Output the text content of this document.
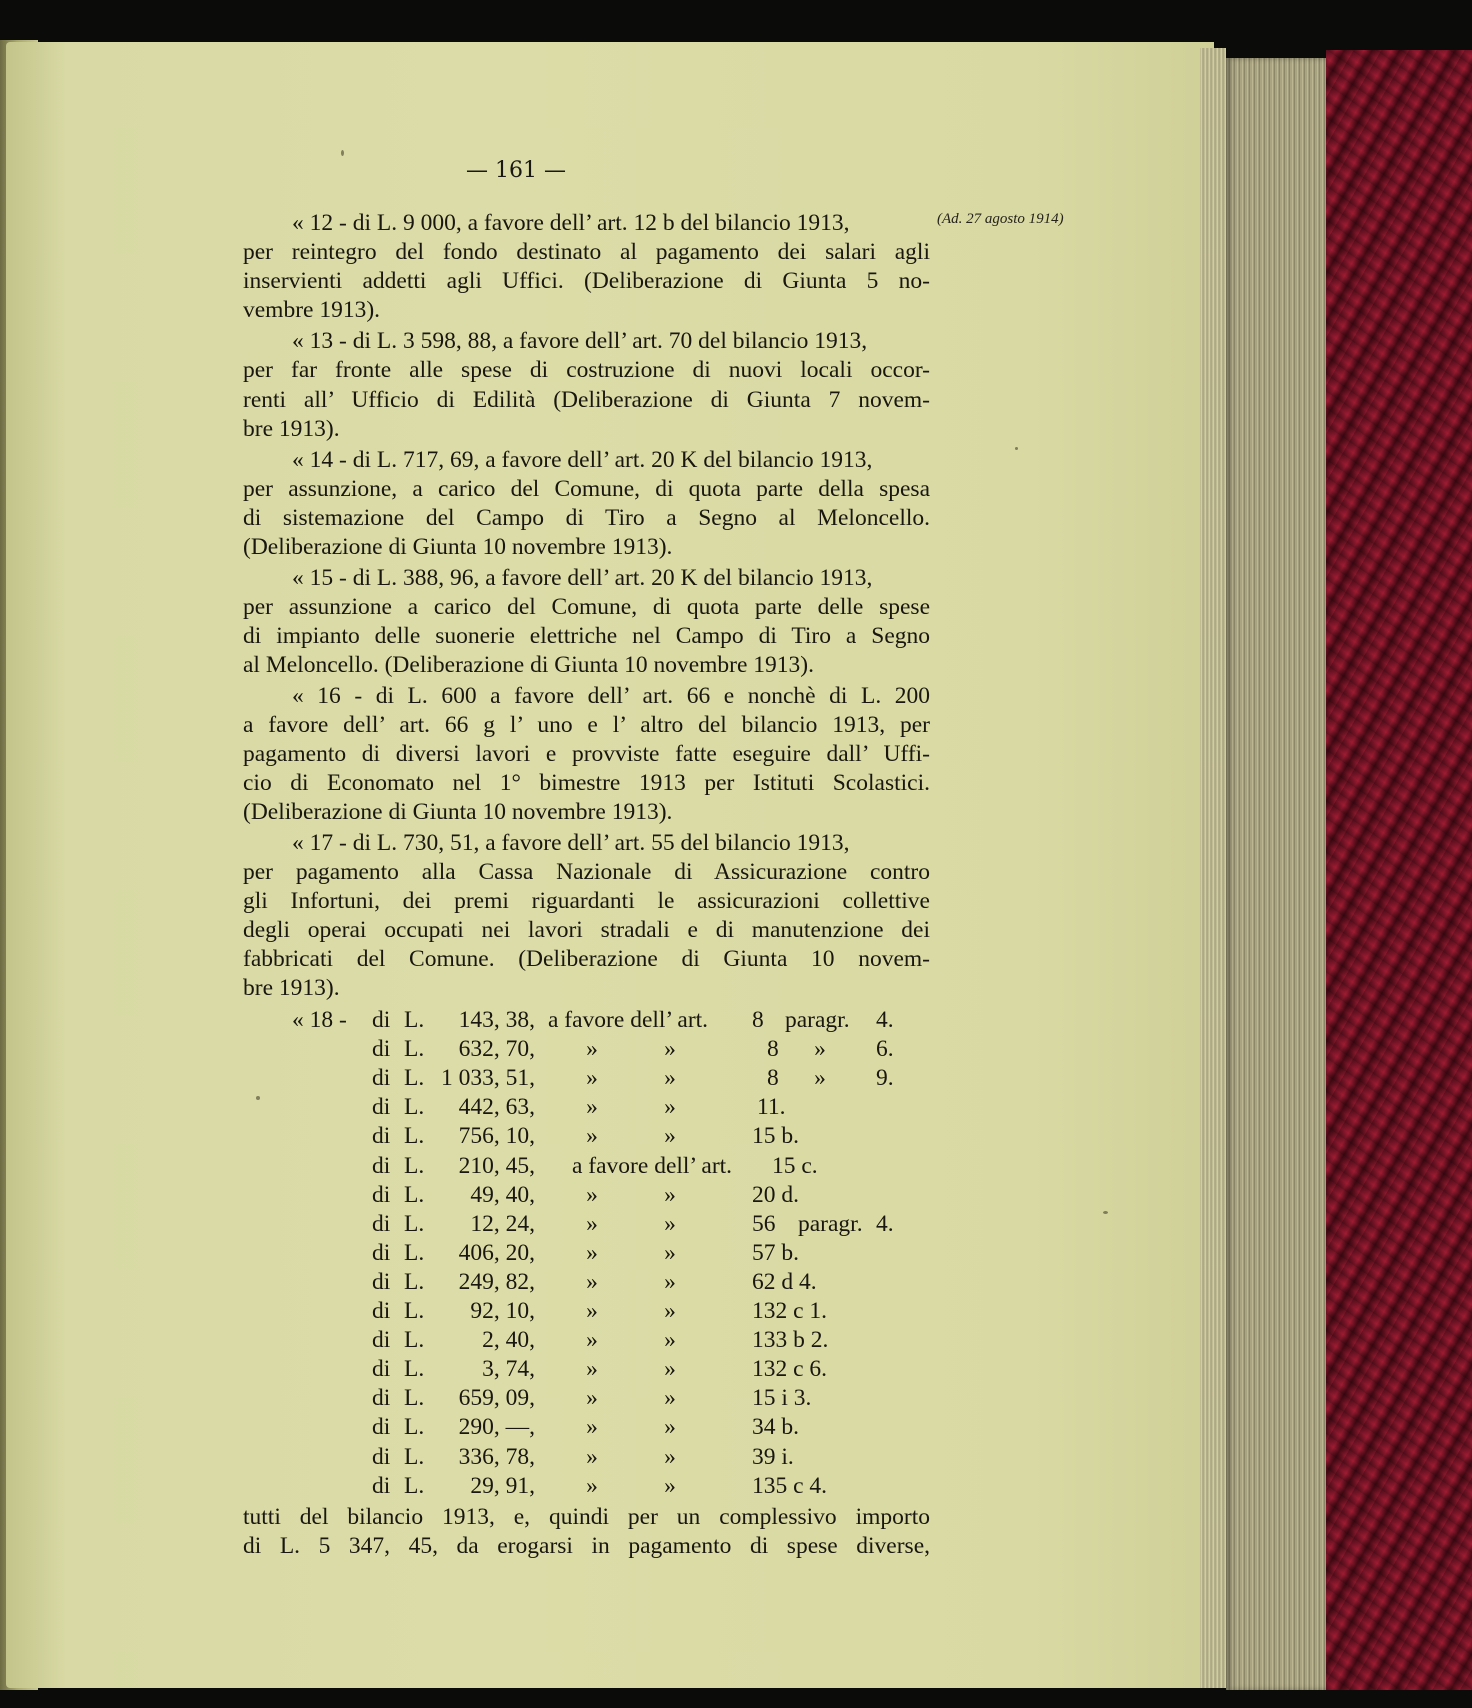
— 161 —
(Ad. 27 agosto 1914)
« 12 - di L. 9 000, a favore dell’ art. 12 b del bilancio 1913,
per reintegro del fondo destinato al pagamento dei salari agli
inservienti addetti agli Uffici. (Deliberazione di Giunta 5 no-
vembre 1913).
« 13 - di L. 3 598, 88, a favore dell’ art. 70 del bilancio 1913,
per far fronte alle spese di costruzione di nuovi locali occor-
renti all’ Ufficio di Edilità (Deliberazione di Giunta 7 novem-
bre 1913).
« 14 - di L. 717, 69, a favore dell’ art. 20 K del bilancio 1913,
per assunzione, a carico del Comune, di quota parte della spesa
di sistemazione del Campo di Tiro a Segno al Meloncello.
(Deliberazione di Giunta 10 novembre 1913).
« 15 - di L. 388, 96, a favore dell’ art. 20 K del bilancio 1913,
per assunzione a carico del Comune, di quota parte delle spese
di impianto delle suonerie elettriche nel Campo di Tiro a Segno
al Meloncello. (Deliberazione di Giunta 10 novembre 1913).
« 16 - di L. 600 a favore dell’ art. 66 e nonchè di L. 200
a favore dell’ art. 66 g l’ uno e l’ altro del bilancio 1913, per
pagamento di diversi lavori e provviste fatte eseguire dall’ Uffi-
cio di Economato nel 1° bimestre 1913 per Istituti Scolastici.
(Deliberazione di Giunta 10 novembre 1913).
« 17 - di L. 730, 51, a favore dell’ art. 55 del bilancio 1913,
per pagamento alla Cassa Nazionale di Assicurazione contro
gli Infortuni, dei premi riguardanti le assicurazioni collettive
degli operai occupati nei lavori stradali e di manutenzione dei
fabbricati del Comune. (Deliberazione di Giunta 10 novem-
bre 1913).
« 18 -	di L.	143, 38, a favore dell’ art.	8 paragr.	4.
di L.	632, 70,	»	»	8	»	6.
di L. 1 033, 51,	»	»	8	»	9.
di L.	442, 63,	»	»	11.
di L.	756, 10,	»	»	15 b.
di L.	210, 45, a favore dell’ art.	15 c.
di L.	49, 40,	»	»	20 d.
di L.	12, 24,	»	»	56 paragr. 4.
di L.	406, 20,	»	»	57 b.
di L.	249, 82,	»	»	62 d 4.
di L.	92, 10,	»	»	132 c 1.
di L.	2, 40,	»	»	133 b 2.
di L.	3, 74,	»	»	132 c 6.
di L.	659, 09,	»	»	15 i 3.
di L.	290, —,	»	»	34 b.
di L.	336, 78,	»	»	39 i.
di L.	29, 91,	»	»	135 c 4.
tutti del bilancio 1913, e, quindi per un complessivo importo
di L. 5 347, 45, da erogarsi in pagamento di spese diverse,
